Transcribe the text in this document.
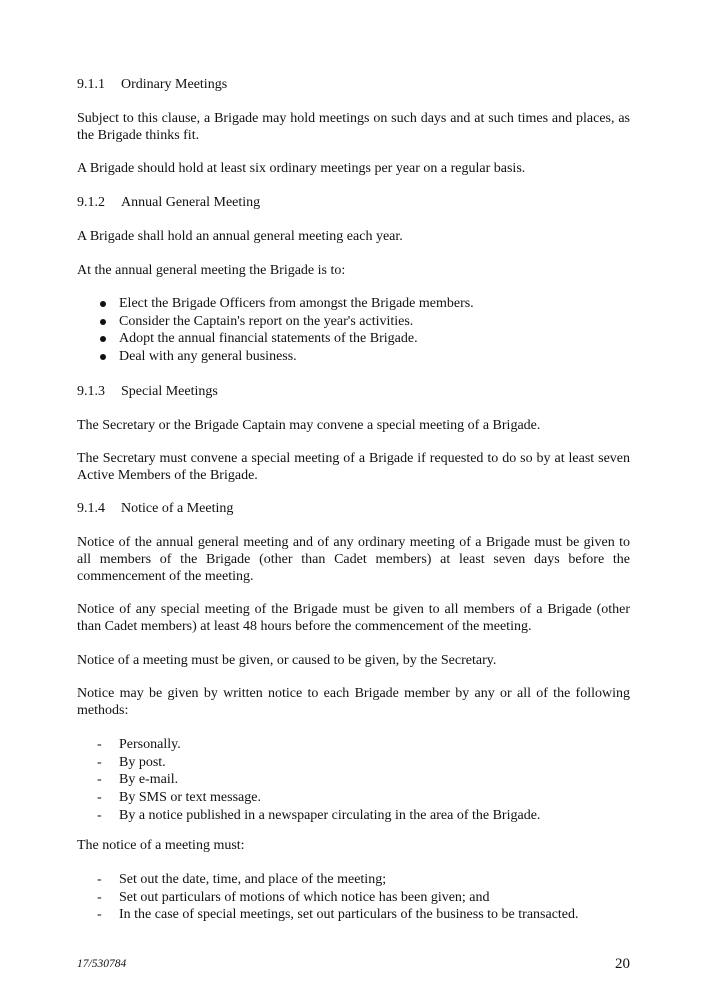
9.1.1 Ordinary Meetings

Subject to this clause, a Brigade may hold meetings on such days and at such times and places, as the Brigade thinks fit.

A Brigade should hold at least six ordinary meetings per year on a regular basis.

9.1.2 Annual General Meeting

A Brigade shall hold an annual general meeting each year.

At the annual general meeting the Brigade is to:

Elect the Brigade Officers from amongst the Brigade members.
Consider the Captain's report on the year's activities.
Adopt the annual financial statements of the Brigade.
Deal with any general business.
9.1.3 Special Meetings

The Secretary or the Brigade Captain may convene a special meeting of a Brigade.

The Secretary must convene a special meeting of a Brigade if requested to do so by at least seven Active Members of the Brigade.

9.1.4 Notice of a Meeting

Notice of the annual general meeting and of any ordinary meeting of a Brigade must be given to all members of the Brigade (other than Cadet members) at least seven days before the commencement of the meeting.

Notice of any special meeting of the Brigade must be given to all members of a Brigade (other than Cadet members) at least 48 hours before the commencement of the meeting.

Notice of a meeting must be given, or caused to be given, by the Secretary.

Notice may be given by written notice to each Brigade member by any or all of the following methods:

- Personally.
- By post.
- By e-mail.
- By SMS or text message.
- By a notice published in a newspaper circulating in the area of the Brigade.

The notice of a meeting must:

- Set out the date, time, and place of the meeting;
- Set out particulars of motions of which notice has been given; and
- In the case of special meetings, set out particulars of the business to be transacted.
17/530784	20
